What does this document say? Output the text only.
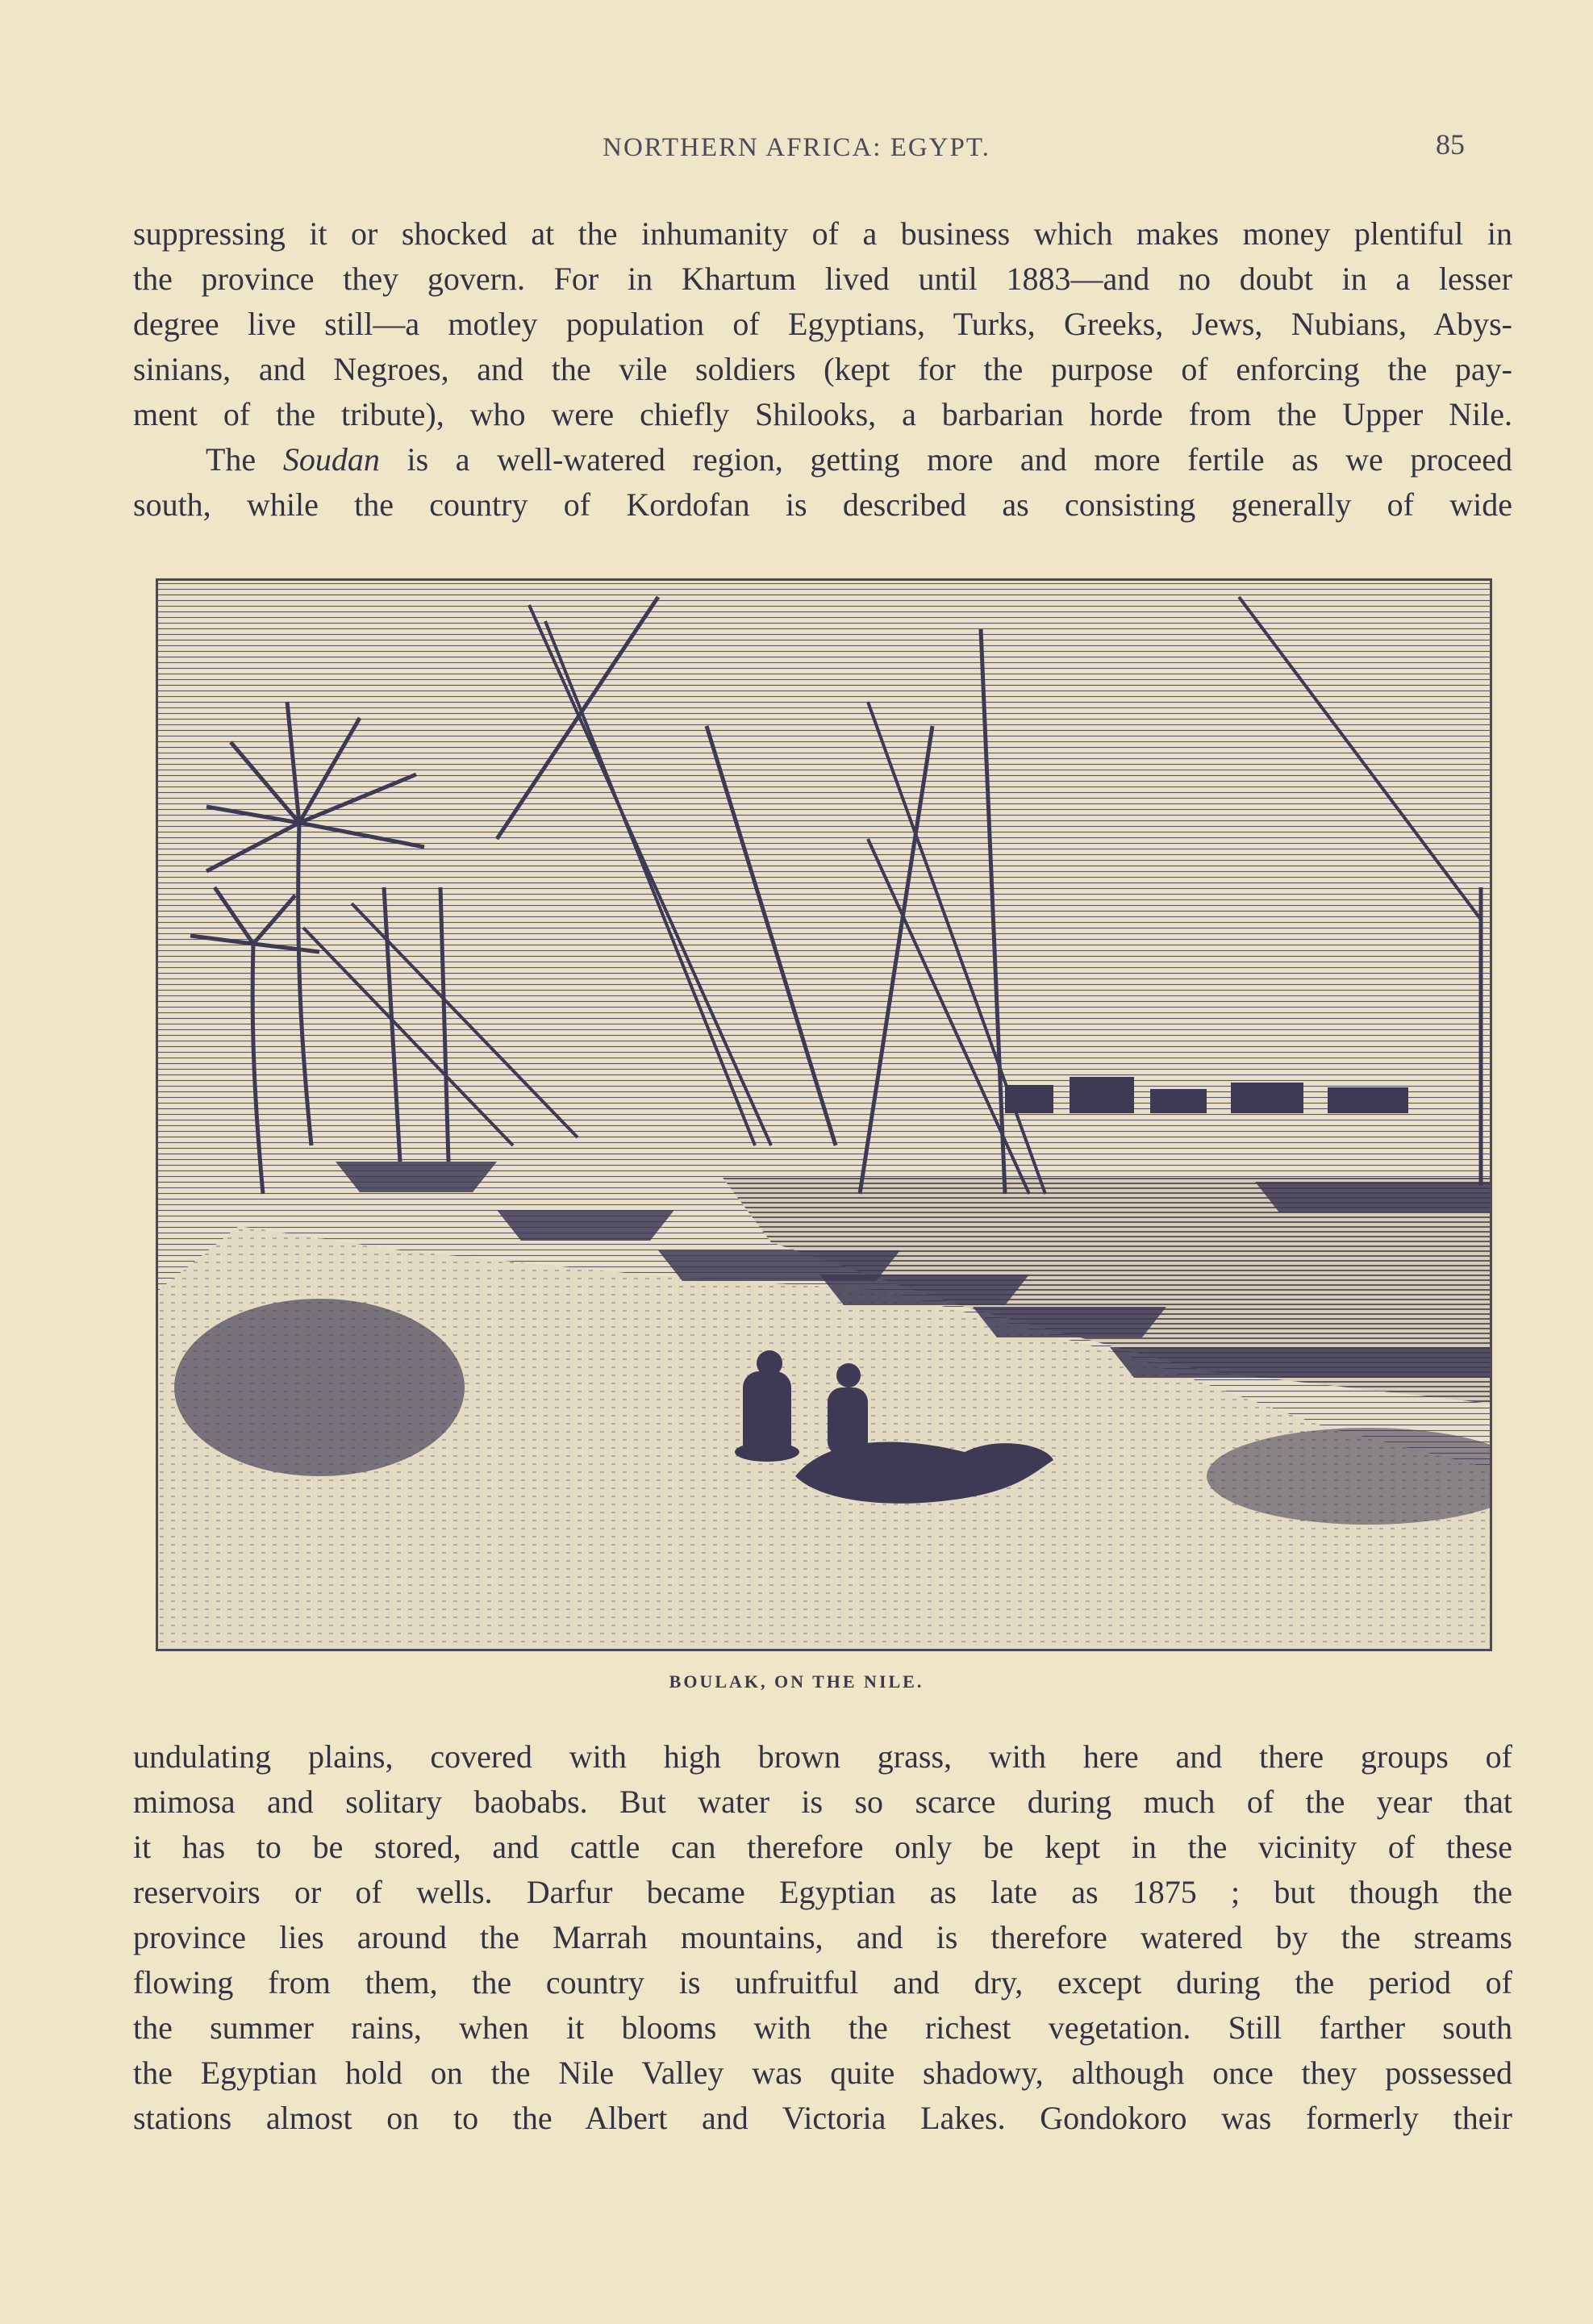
NORTHERN AFRICA: EGYPT.	85
suppressing it or shocked at the inhumanity of a business which makes money plentiful in
the province they govern. For in Khartum lived until 1883—and no doubt in a lesser
degree live still—a motley population of Egyptians, Turks, Greeks, Jews, Nubians, Abys-
sinians, and Negroes, and the vile soldiers (kept for the purpose of enforcing the pay-
ment of the tribute), who were chiefly Shilooks, a barbarian horde from the Upper Nile.
The Soudan is a well-watered region, getting more and more fertile as we proceed
south, while the country of Kordofan is described as consisting generally of wide
BOULAK, ON THE NILE.
undulating plains, covered with high brown grass, with here and there groups of
mimosa and solitary baobabs. But water is so scarce during much of the year that
it has to be stored, and cattle can therefore only be kept in the vicinity of these
reservoirs or of wells. Darfur became Egyptian as late as 1875 ; but though the
province lies around the Marrah mountains, and is therefore watered by the streams
flowing from them, the country is unfruitful and dry, except during the period of
the summer rains, when it blooms with the richest vegetation. Still farther south
the Egyptian hold on the Nile Valley was quite shadowy, although once they possessed
stations almost on to the Albert and Victoria Lakes. Gondokoro was formerly their
